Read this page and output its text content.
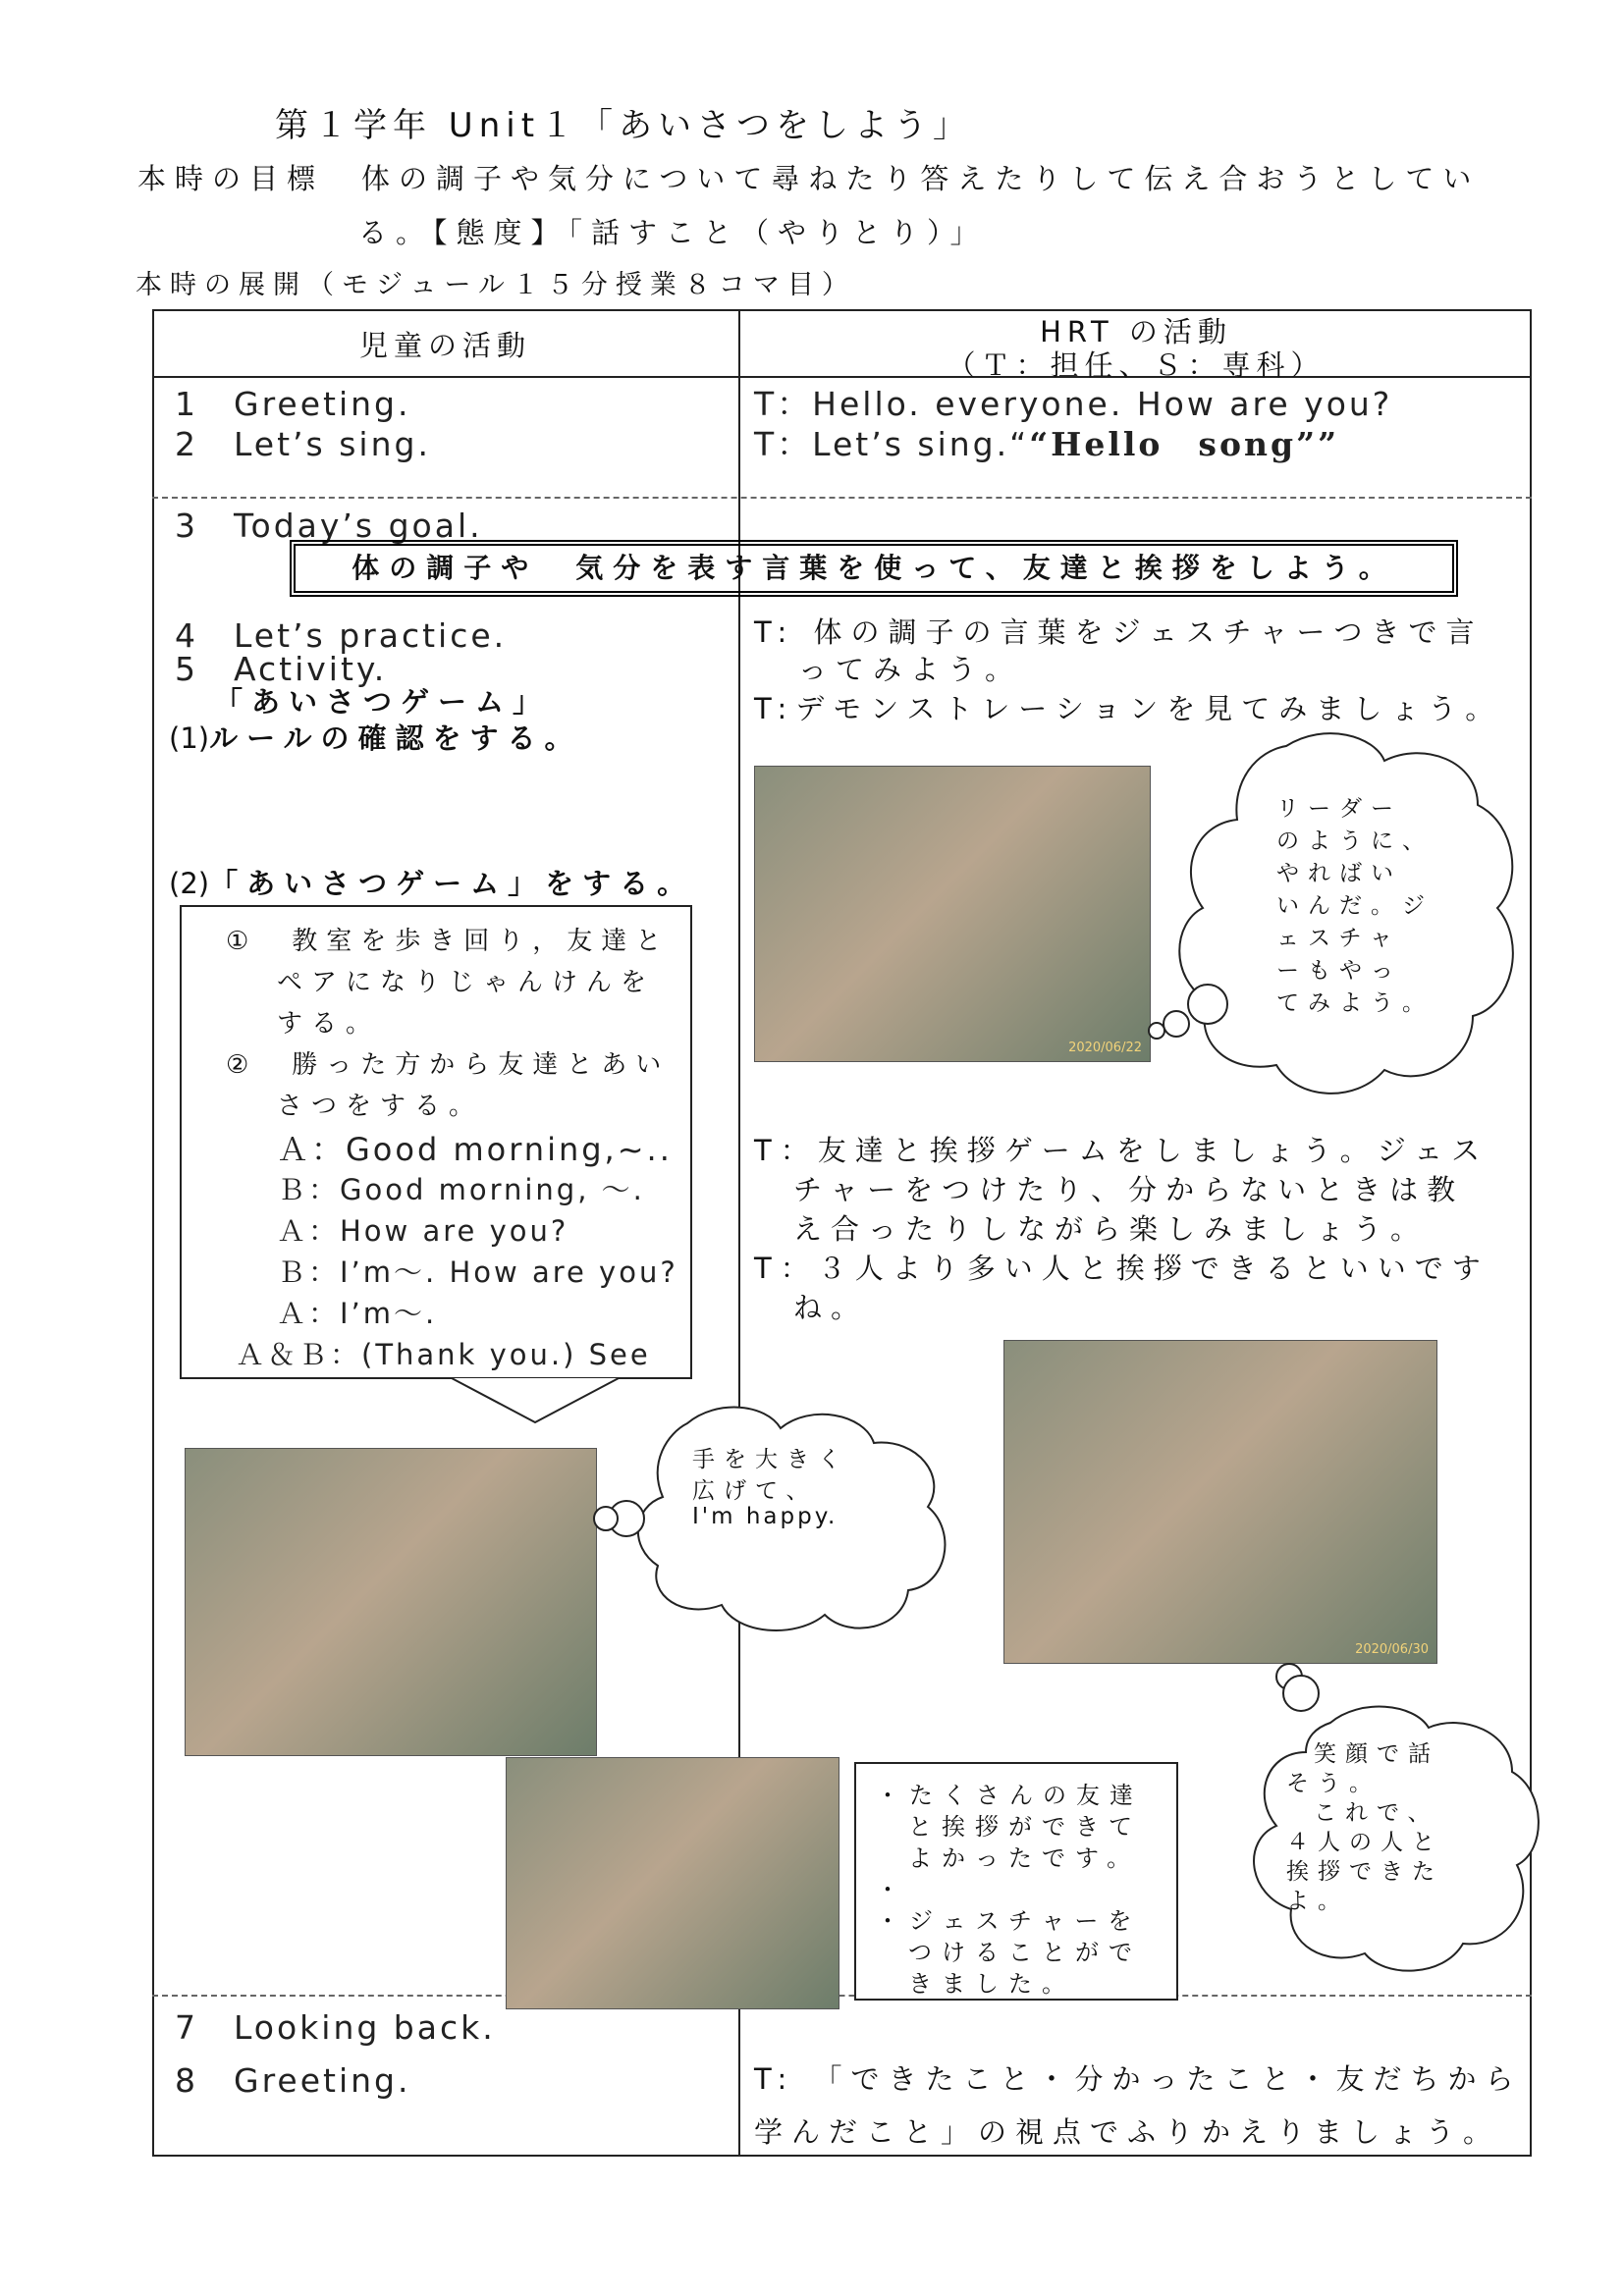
第１学年 Unit１「あいさつをしよう」
本時の目標　体の調子や気分について尋ねたり答えたりして伝え合おうとしてい
る。【態度】「話すこと（やりとり）」
本時の展開（モジュール１５分授業８コマ目）
児童の活動	HRT の活動
（Ｔ：担任、Ｓ：専科）
1　Greeting.
2　Let’s sing.
T：Hello. everyone. How are you?
T：Let’s sing.““Hello　song””
3　Today’s goal.
体の調子や　気分を表す言葉を使って、友達と挨拶をしよう。
4　Let’s practice.
5　Activity.
「あいさつゲーム」
(1)ルールの確認をする。
(2)「あいさつゲーム」をする。
①　教室を歩き回り，友達と
ペアになりじゃんけんを
する。
②　勝った方から友達とあい
さつをする。
Ａ：Good morning,~..
Ｂ：Good morning, ～.
Ａ：How are you?
Ｂ：I’m～. How are you?
Ａ：I’m～.
Ａ＆Ｂ：(Thank you.) See
T: 体の調子の言葉をジェスチャーつきで言
ってみよう。
T:デモンストレーションを見てみましょう。
T：友達と挨拶ゲームをしましょう。ジェス
チャーをつけたり、分からないときは教
え合ったりしながら楽しみましょう。
T：３人より多い人と挨拶できるといいです
ね。
2020/06/22
2020/06/30
リーダー
のように、
やればい
いんだ。ジ
ェスチャ
ーもやっ
てみよう。
手を大きく
広げて、
I'm happy.
笑顔で話
そう。
これで、
４人の人と
挨拶できた
よ。
・たくさんの友達
と挨拶ができて
よかったです。
・
・ジェスチャーを
つけることがで
きました。
7　Looking back.
8　Greeting.	T: 「できたこと・分かったこと・友だちから
学んだこと」の視点でふりかえりましょう。
